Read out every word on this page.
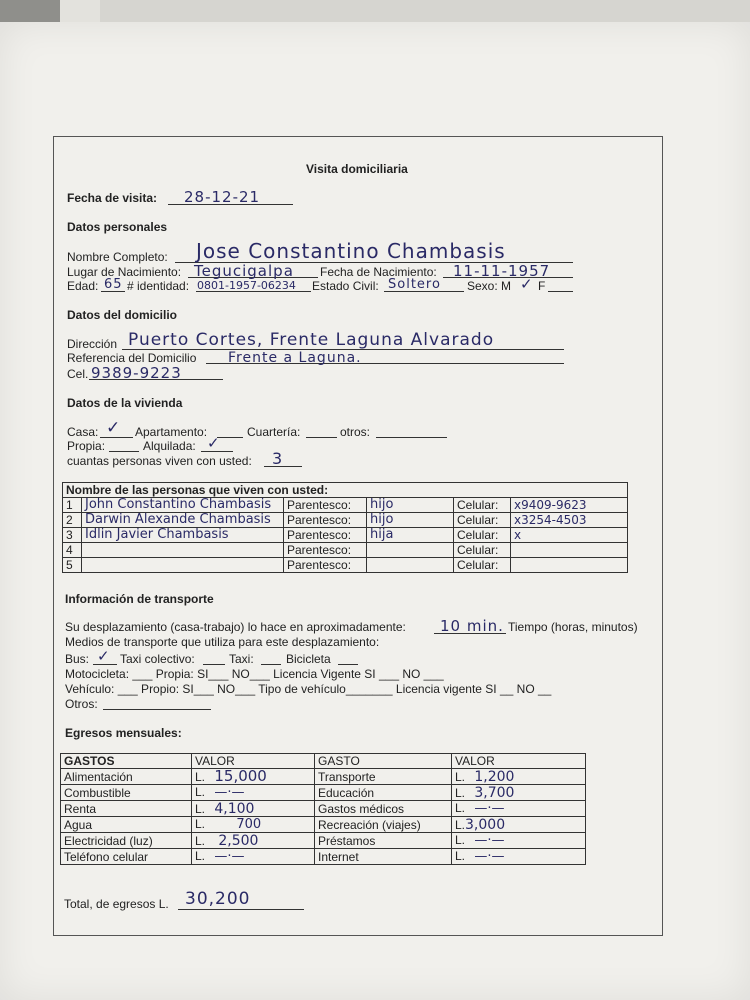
Visita domiciliaria
Fecha de visita: 28-12-21
Datos personales
Nombre Completo: Jose Constantino Chambasis
Lugar de Nacimiento: Tegucigalpa Fecha de Nacimiento: 11-11-1957
Edad: 65 # identidad: 0801-1957-06234 Estado Civil: Soltero Sexo: M ✓ F
Datos del domicilio
Dirección Puerto Cortes, Frente Laguna Alvarado
Referencia del Domicilio Frente a Laguna.
Cel. 9389-9223
Datos de la vivienda
Casa: ✓ Apartamento:	Cuartería:	otros:
Propia:	Alquilada: ✓
cuantas personas viven con usted: 3
Nombre de las personas que viven con usted:					
1	John Constantino Chambasis	Parentesco:	hijo	Celular:	x9409-9623
2	Darwin Alexande Chambasis	Parentesco:	hijo	Celular:	x3254-4503
3	Idlin Javier Chambasis	Parentesco:	hija	Celular:	x
4		Parentesco:		Celular:	
5		Parentesco:		Celular:	
Información de transporte
Su desplazamiento (casa-trabajo) lo hace en aproximadamente: 10 min. Tiempo (horas, minutos)
Medios de transporte que utiliza para este desplazamiento:
Bus: ✓ Taxi colectivo:	Taxi:	Bicicleta
Motocicleta: ___ Propia: SI___ NO___ Licencia Vigente SI ___ NO ___
Vehículo: ___ Propio: SI___ NO___ Tipo de vehículo_______ Licencia vigente SI __ NO __
Otros:
Egresos mensuales:
GASTOS	VALOR	GASTO	VALOR
Alimentación	L. 15,000	Transporte	L. 1,200
Combustible	L. —·—	Educación	L. 3,700
Renta	L. 4,100	Gastos médicos	L. —·—
Agua	L. 700	Recreación (viajes)	L.3,000
Electricidad (luz)	L. 2,500	Préstamos	L. —·—
Teléfono celular	L. —·—	Internet	L. —·—
Total, de egresos L. 30,200
